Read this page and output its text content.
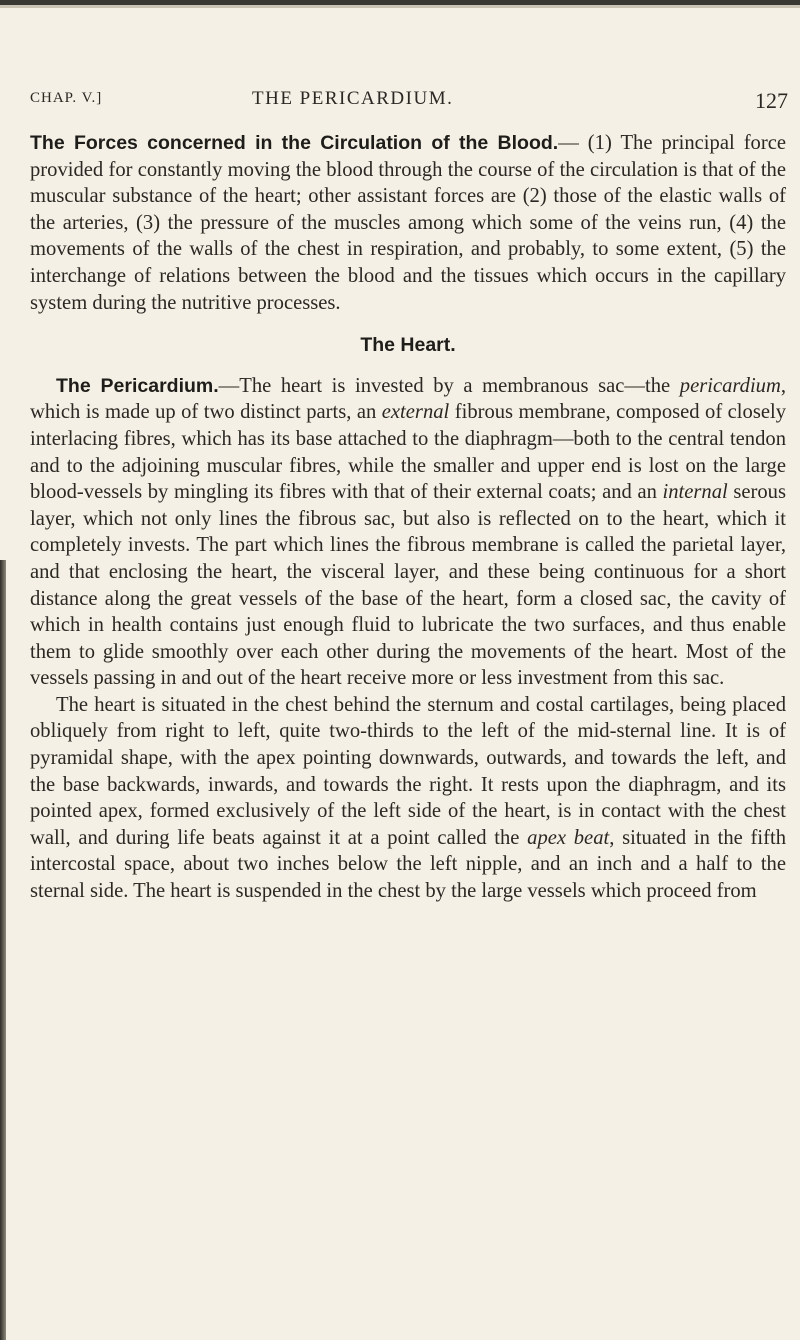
CHAP. V.]	THE PERICARDIUM.	127

The Forces concerned in the Circulation of the Blood.— (1) The principal force provided for constantly moving the blood through the course of the circulation is that of the muscular substance of the heart; other assistant forces are (2) those of the elastic walls of the arteries, (3) the pressure of the muscles among which some of the veins run, (4) the movements of the walls of the chest in respiration, and probably, to some extent, (5) the interchange of relations between the blood and the tissues which occurs in the capillary system during the nutritive processes.

The Heart.

The Pericardium.—The heart is invested by a membranous sac—the pericardium, which is made up of two distinct parts, an external fibrous membrane, composed of closely interlacing fibres, which has its base attached to the diaphragm—both to the central tendon and to the adjoining muscular fibres, while the smaller and upper end is lost on the large blood-vessels by mingling its fibres with that of their external coats; and an internal serous layer, which not only lines the fibrous sac, but also is reflected on to the heart, which it completely invests. The part which lines the fibrous membrane is called the parietal layer, and that enclosing the heart, the visceral layer, and these being continuous for a short distance along the great vessels of the base of the heart, form a closed sac, the cavity of which in health contains just enough fluid to lubricate the two surfaces, and thus enable them to glide smoothly over each other during the movements of the heart. Most of the vessels passing in and out of the heart receive more or less investment from this sac.

The heart is situated in the chest behind the sternum and costal cartilages, being placed obliquely from right to left, quite two-thirds to the left of the mid-sternal line. It is of pyramidal shape, with the apex pointing downwards, outwards, and towards the left, and the base backwards, inwards, and towards the right. It rests upon the diaphragm, and its pointed apex, formed exclusively of the left side of the heart, is in contact with the chest wall, and during life beats against it at a point called the apex beat, situated in the fifth intercostal space, about two inches below the left nipple, and an inch and a half to the sternal side. The heart is suspended in the chest by the large vessels which proceed from
